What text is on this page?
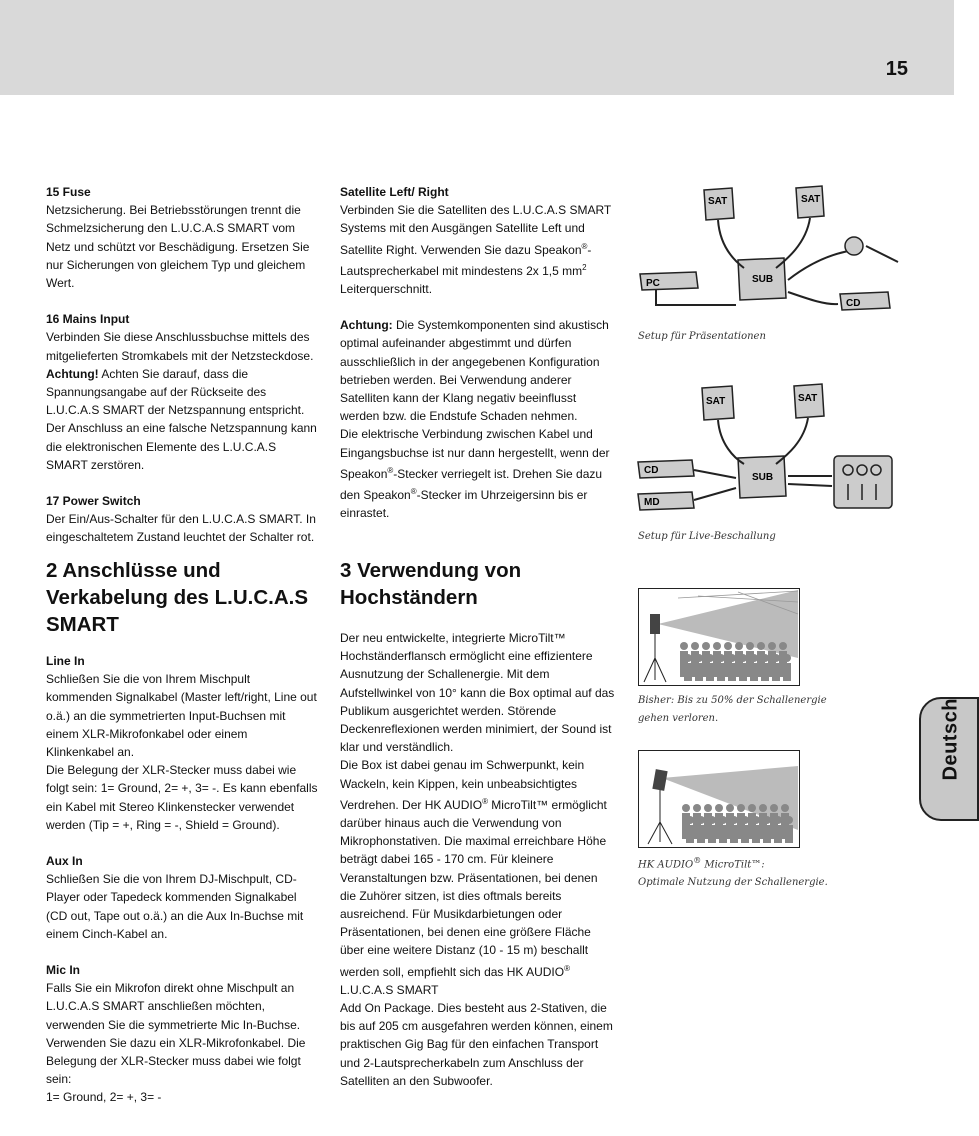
15

15 Fuse

Netzsicherung. Bei Betriebsstörungen trennt die Schmelzsicherung den L.U.C.A.S SMART vom Netz und schützt vor Beschädigung. Ersetzen Sie nur Sicherungen von gleichem Typ und gleichem Wert.

16 Mains Input

Verbinden Sie diese Anschlussbuchse mittels des mitgelieferten Stromkabels mit der Netzsteckdose.

Achtung! Achten Sie darauf, dass die Spannungsangabe auf der Rückseite des L.U.C.A.S SMART der Netzspannung entspricht. Der Anschluss an eine falsche Netzspannung kann die elektronischen Elemente des L.U.C.A.S SMART zerstören.

17 Power Switch

Der Ein/Aus-Schalter für den L.U.C.A.S SMART. In eingeschaltetem Zustand leuchtet der Schalter rot.

2 Anschlüsse und Verkabelung des L.U.C.A.S SMART

Line In

Schließen Sie die von Ihrem Mischpult kommenden Signalkabel (Master left/right, Line out o.ä.) an die symmetrierten Input-Buchsen mit einem XLR-Mikrofonkabel oder einem Klinkenkabel an.

Die Belegung der XLR-Stecker muss dabei wie folgt sein: 1= Ground, 2= +, 3= -. Es kann ebenfalls ein Kabel mit Stereo Klinkenstecker verwendet werden (Tip = +, Ring = -, Shield = Ground).

Aux In

Schließen Sie die von Ihrem DJ-Mischpult, CD-Player oder Tapedeck kommenden Signalkabel (CD out, Tape out o.ä.) an die Aux In-Buchse mit einem Cinch-Kabel an.

Mic In

Falls Sie ein Mikrofon direkt ohne Mischpult an L.U.C.A.S SMART anschließen möchten, verwenden Sie die symmetrierte Mic In-Buchse. Verwenden Sie dazu ein XLR-Mikrofonkabel. Die Belegung der XLR-Stecker muss dabei wie folgt sein:

1= Ground, 2= +, 3= -

Satellite Left/ Right

Verbinden Sie die Satelliten des L.U.C.A.S SMART Systems mit den Ausgängen Satellite Left und Satellite Right. Verwenden Sie dazu Speakon®-Lautsprecherkabel mit mindestens 2x 1,5 $mm^2$ Leiterquerschnitt.

Achtung: Die Systemkomponenten sind akustisch optimal aufeinander abgestimmt und dürfen ausschließlich in der angegebenen Konfiguration betrieben werden. Bei Verwendung anderer Satelliten kann der Klang negativ beeinflusst werden bzw. die Endstufe Schaden nehmen.

Die elektrische Verbindung zwischen Kabel und Eingangsbuchse ist nur dann hergestellt, wenn der Speakon®-Stecker verriegelt ist. Drehen Sie dazu den Speakon®-Stecker im Uhrzeigersinn bis er einrastet.

3 Verwendung von Hochständern

Der neu entwickelte, integrierte MicroTilt™ Hochständerflansch ermöglicht eine effizientere Ausnutzung der Schallenergie. Mit dem Aufstellwinkel von 10° kann die Box optimal auf das Publikum ausgerichtet werden. Störende Deckenreflexionen werden minimiert, der Sound ist klar und verständlich.

Die Box ist dabei genau im Schwerpunkt, kein Wackeln, kein Kippen, kein unbeabsichtigtes Verdrehen. Der HK AUDIO® MicroTilt™ ermöglicht darüber hinaus auch die Verwendung von Mikrophonstativen. Die maximal erreichbare Höhe beträgt dabei 165 - 170 cm. Für kleinere Veranstaltungen bzw. Präsentationen, bei denen die Zuhörer sitzen, ist dies oftmals bereits ausreichend. Für Musikdarbietungen oder Präsentationen, bei denen eine größere Fläche über eine weitere Distanz (10 - 15 m) beschallt werden soll, empfiehlt sich das HK AUDIO® L.U.C.A.S SMART

Add On Package. Dies besteht aus 2-Stativen, die bis auf 205 cm ausgefahren werden können, einem praktischen Gig Bag für den einfachen Transport und 2-Lautsprecherkabeln zum Anschluss der Satelliten an den Subwoofer.

SAT	SAT
SUB
PC
CD
Setup für Präsentationen
SAT	SAT
SUB
CD
MD
Setup für Live-Beschallung
Bisher: Bis zu 50% der Schallenergie
gehen verloren.
HK AUDIO® MicroTilt™:
Optimale Nutzung der Schallenergie.
Deutsch
